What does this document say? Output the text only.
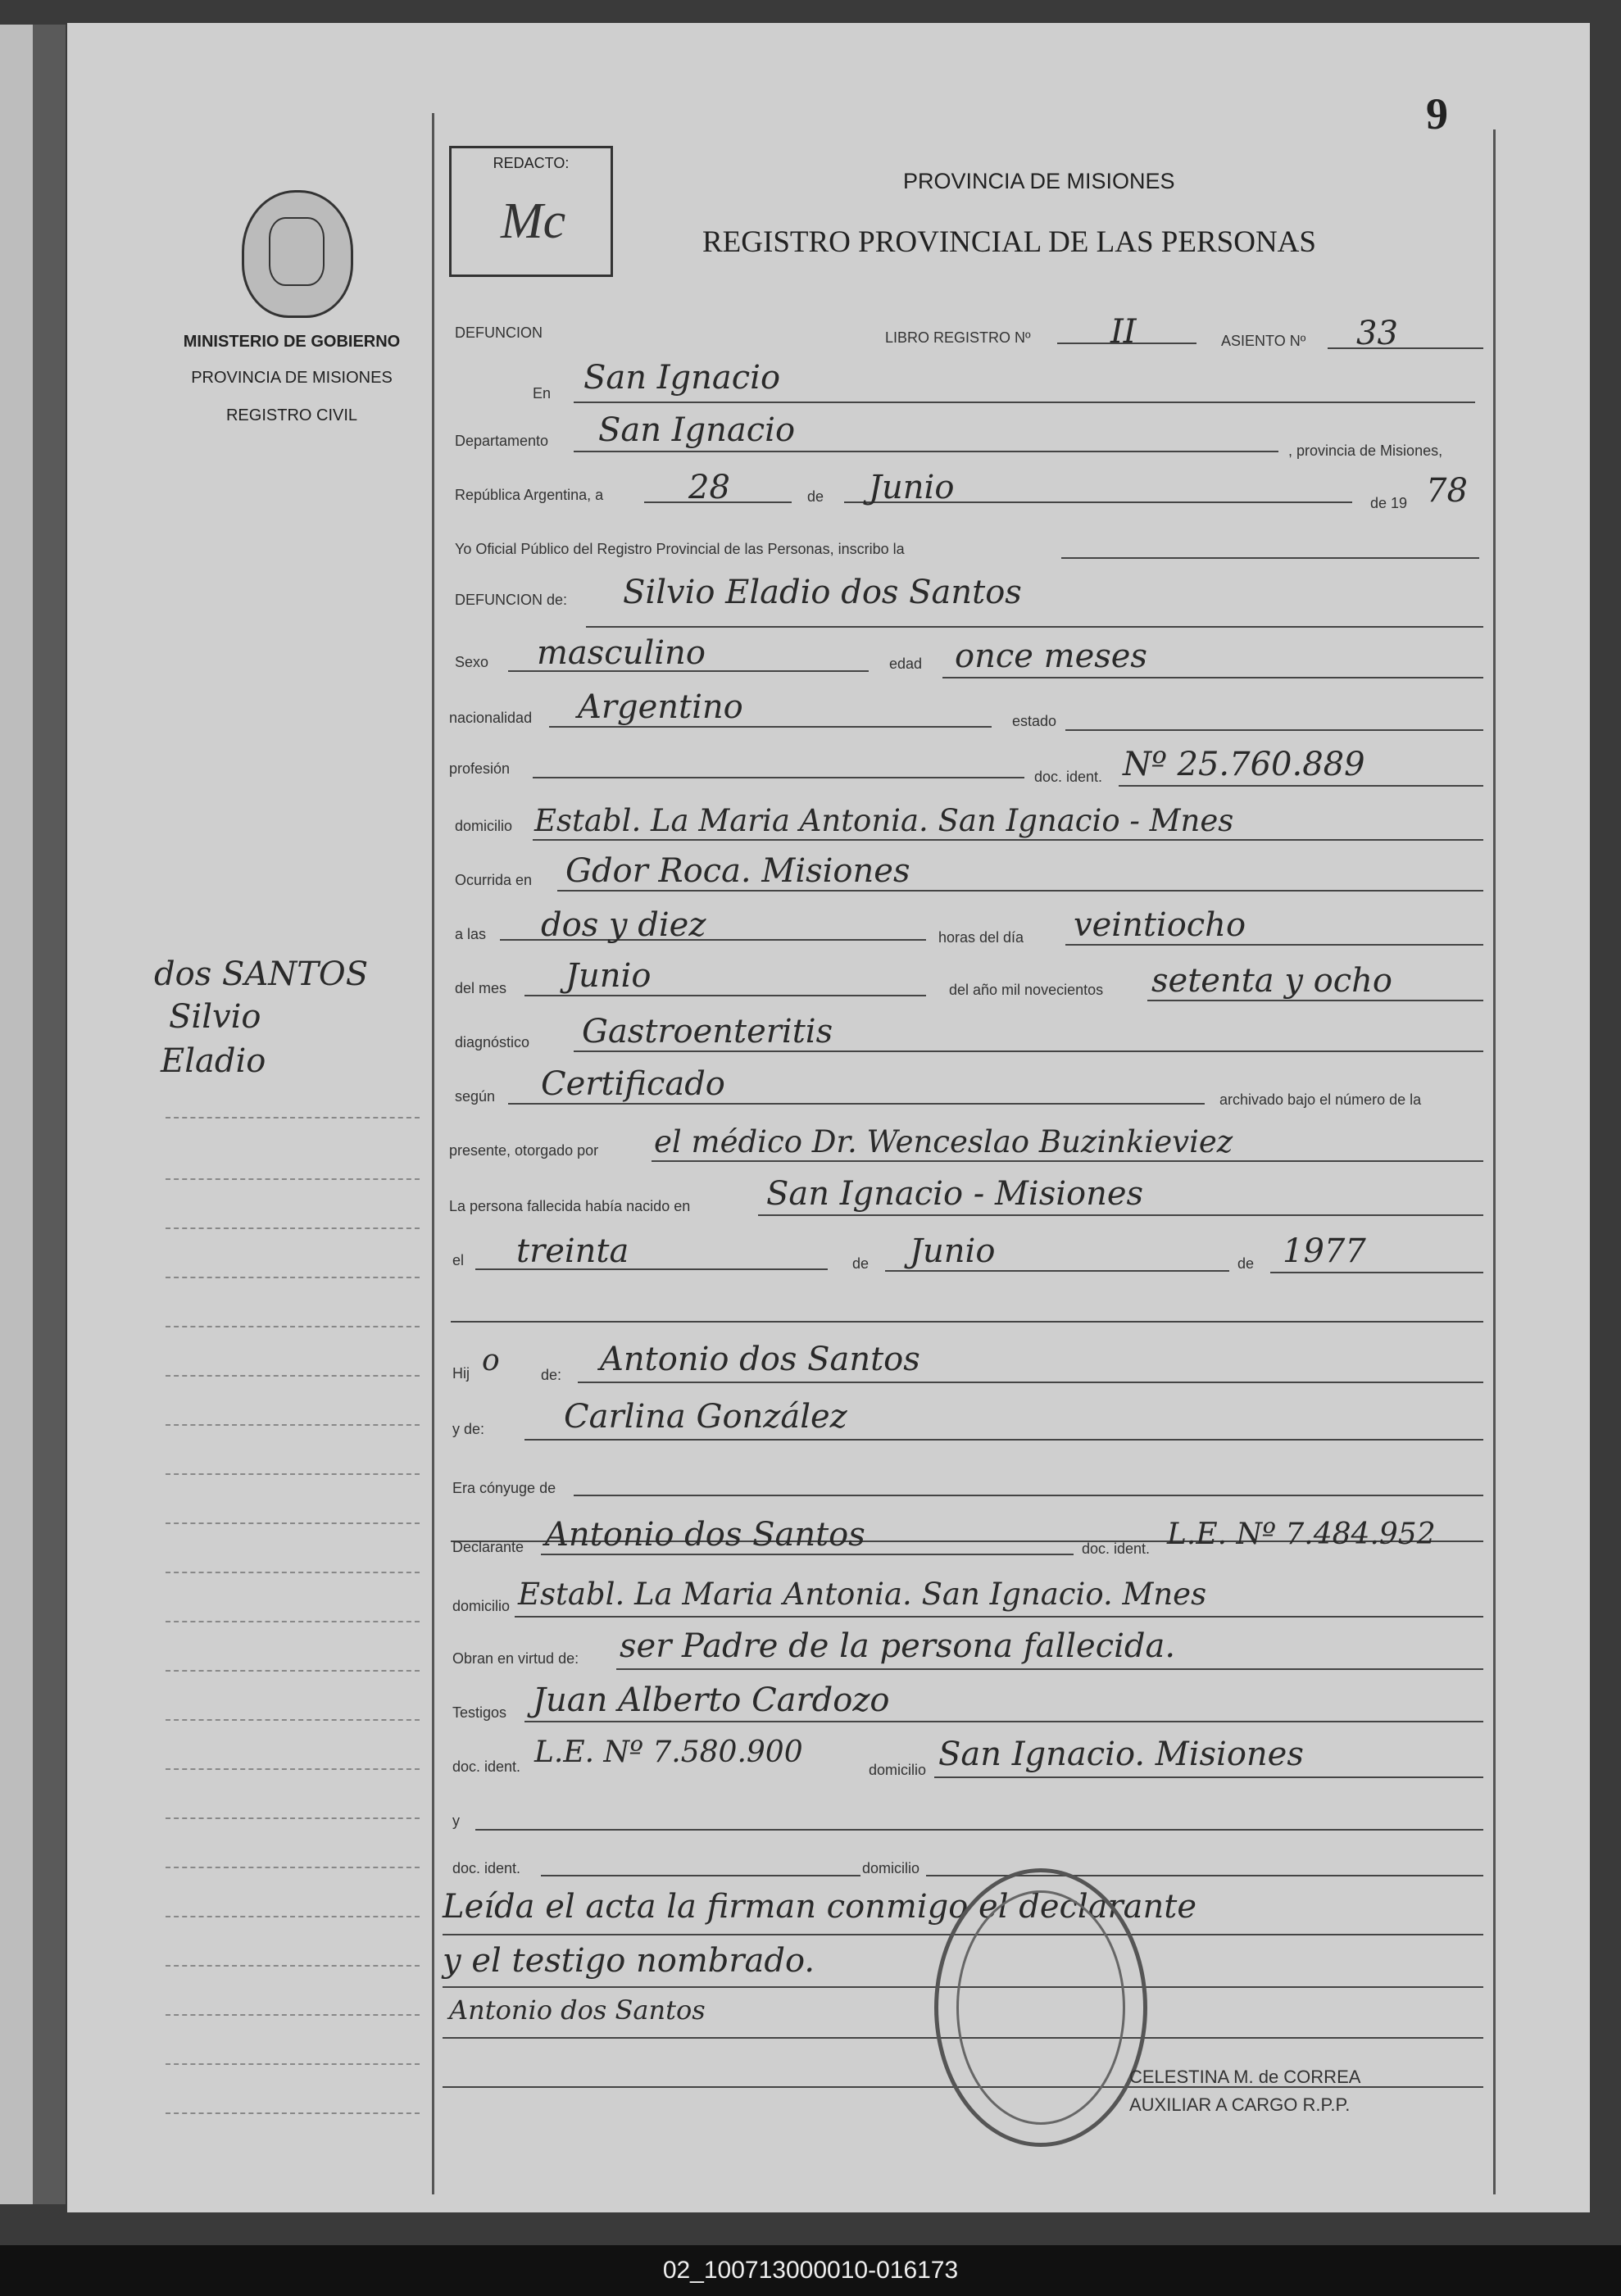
9
REDACTO:
Mc
MINISTERIO DE GOBIERNO
PROVINCIA DE MISIONES
REGISTRO CIVIL
PROVINCIA DE MISIONES
REGISTRO PROVINCIAL DE LAS PERSONAS
DEFUNCION	LIBRO REGISTRO Nº II	ASIENTO Nº 33
En San Ignacio
Departamento San Ignacio
, provincia de Misiones,
República Argentina, a	28	de Junio	de 19 78
Yo Oficial Público del Registro Provincial de las Personas, inscribo la
DEFUNCION de: Silvio Eladio dos Santos
Sexo masculino	edad once meses
nacionalidad Argentino	estado
profesión	doc. ident. Nº 25.760.889
domicilio Establ. La Maria Antonia. San Ignacio - Mnes
Ocurrida en Gdor Roca. Misiones
a las dos y diez	horas del día veintiocho
del mes Junio	del año mil novecientos setenta y ocho
diagnóstico Gastroenteritis
según Certificado	archivado bajo el número de la
presente, otorgado por el médico Dr. Wenceslao Buzinkieviez
La persona fallecida había nacido en San Ignacio - Misiones
el treinta	de Junio	de 1977
Hij o	de: Antonio dos Santos
y de: Carlina González
Era cónyuge de
Declarante Antonio dos Santos	doc. ident. L.E. Nº 7.484.952
domicilio Establ. La Maria Antonia. San Ignacio. Mnes
Obran en virtud de: ser Padre de la persona fallecida.
Testigos Juan Alberto Cardozo
doc. ident. L.E. Nº 7.580.900
domicilio San Ignacio. Misiones
y
doc. ident.	domicilio
Leída el acta la firman conmigo el declarante
y el testigo nombrado.
Antonio dos Santos
CELESTINA M. de CORREA
AUXILIAR A CARGO R.P.P.
dos SANTOS
Silvio
Eladio
02_100713000010-016173
